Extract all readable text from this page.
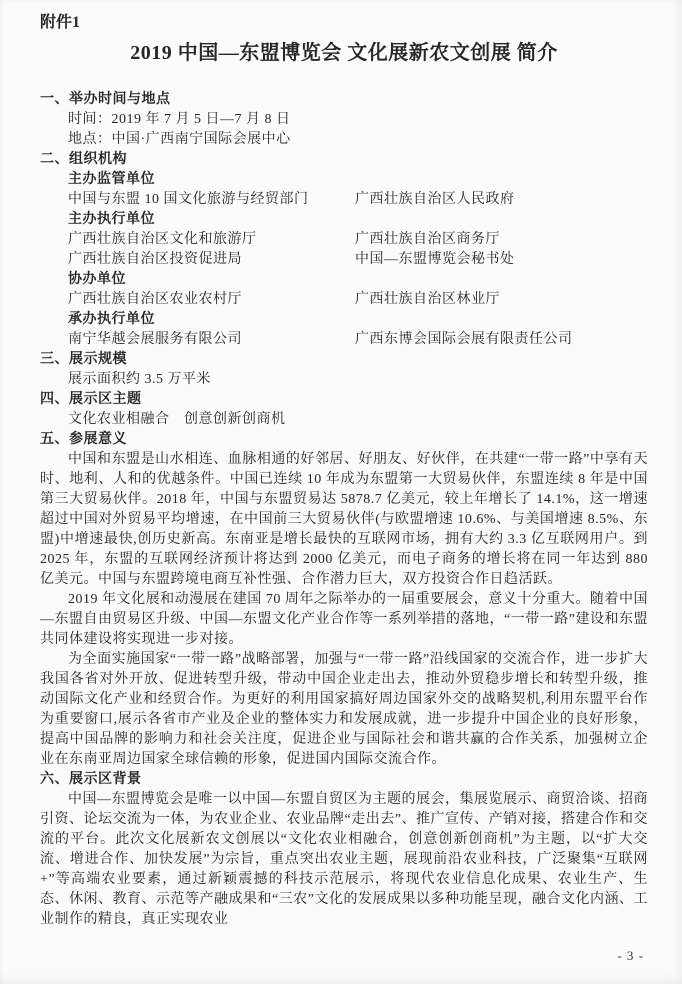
附件1
2019 中国—东盟博览会 文化展新农文创展 简介
一、举办时间与地点
时间：2019 年 7 月 5 日—7 月 8 日
地点：中国·广西南宁国际会展中心
二、组织机构
主办监管单位
中国与东盟 10 国文化旅游与经贸部门	广西壮族自治区人民政府
主办执行单位
广西壮族自治区文化和旅游厅	广西壮族自治区商务厅
广西壮族自治区投资促进局	中国—东盟博览会秘书处
协办单位
广西壮族自治区农业农村厅	广西壮族自治区林业厅
承办执行单位
南宁华越会展服务有限公司	广西东博会国际会展有限责任公司
三、展示规模
展示面积约 3.5 万平米
四、展示区主题
文化农业相融合　创意创新创商机
五、参展意义

中国和东盟是山水相连、血脉相通的好邻居、好朋友、好伙伴，在共建“一带一路”中享有天时、地利、人和的优越条件。中国已连续 10 年成为东盟第一大贸易伙伴，东盟连续 8 年是中国第三大贸易伙伴。2018 年，中国与东盟贸易达 5878.7 亿美元，较上年增长了 14.1%，这一增速超过中国对外贸易平均增速，在中国前三大贸易伙伴(与欧盟增速 10.6%、与美国增速 8.5%、东盟)中增速最快,创历史新高。东南亚是增长最快的互联网市场，拥有大约 3.3 亿互联网用户。到 2025 年，东盟的互联网经济预计将达到 2000 亿美元，而电子商务的增长将在同一年达到 880 亿美元。中国与东盟跨境电商互补性强、合作潜力巨大，双方投资合作日趋活跃。

2019 年文化展和动漫展在建国 70 周年之际举办的一届重要展会，意义十分重大。随着中国—东盟自由贸易区升级、中国—东盟文化产业合作等一系列举措的落地，“一带一路”建设和东盟共同体建设将实现进一步对接。

为全面实施国家“一带一路”战略部署，加强与“一带一路”沿线国家的交流合作，进一步扩大我国各省对外开放、促进转型升级，带动中国企业走出去，推动外贸稳步增长和转型升级，推动国际文化产业和经贸合作。为更好的利用国家搞好周边国家外交的战略契机,利用东盟平台作为重要窗口,展示各省市产业及企业的整体实力和发展成就，进一步提升中国企业的良好形象，提高中国品牌的影响力和社会关注度，促进企业与国际社会和谐共赢的合作关系，加强树立企业在东南亚周边国家全球信赖的形象，促进国内国际交流合作。

六、展示区背景

中国—东盟博览会是唯一以中国—东盟自贸区为主题的展会，集展览展示、商贸洽谈、招商引资、论坛交流为一体，为农业企业、农业品牌“走出去”、推广宣传、产销对接，搭建合作和交流的平台。此次文化展新农文创展以“文化农业相融合，创意创新创商机”为主题，以“扩大交流、增进合作、加快发展”为宗旨，重点突出农业主题，展现前沿农业科技，广泛聚集“互联网+”等高端农业要素，通过新颖震撼的科技示范展示，将现代农业信息化成果、农业生产、生态、休闲、教育、示范等产融成果和“三农”文化的发展成果以多种功能呈现，融合文化内涵、工业制作的精良，真正实现农业

- 3 -
